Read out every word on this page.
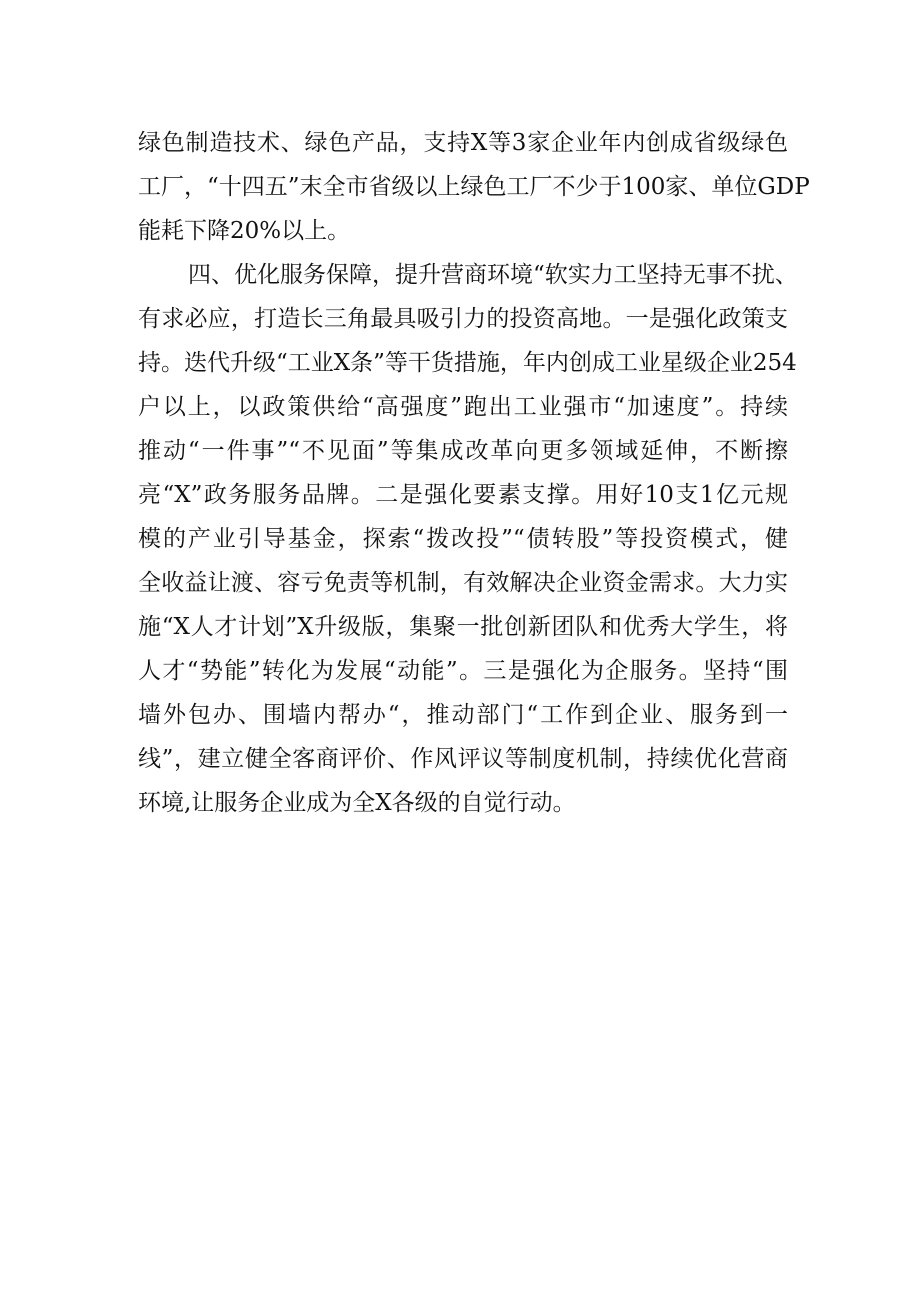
绿色制造技术、绿色产品，支持X等3家企业年内创成省级绿色
工厂，“十四五”末全市省级以上绿色工厂不少于100家、单位GDP
能耗下降20%以上。
四、优化服务保障，提升营商环境“软实力工坚持无事不扰、
有求必应，打造长三角最具吸引力的投资高地。一是强化政策支
持。迭代升级“工业X条”等干货措施，年内创成工业星级企业254
户以上，以政策供给“高强度”跑出工业强市“加速度”。持续
推动“一件事”“不见面”等集成改革向更多领域延伸，不断擦
亮“X”政务服务品牌。二是强化要素支撑。用好10支1亿元规
模的产业引导基金，探索“拨改投”“债转股”等投资模式，健
全收益让渡、容亏免责等机制，有效解决企业资金需求。大力实
施“X人才计划”X升级版，集聚一批创新团队和优秀大学生，将
人才“势能”转化为发展“动能”。三是强化为企服务。坚持“围
墙外包办、围墙内帮办“，推动部门“工作到企业、服务到一
线”，建立健全客商评价、作风评议等制度机制，持续优化营商
环境,让服务企业成为全X各级的自觉行动。
